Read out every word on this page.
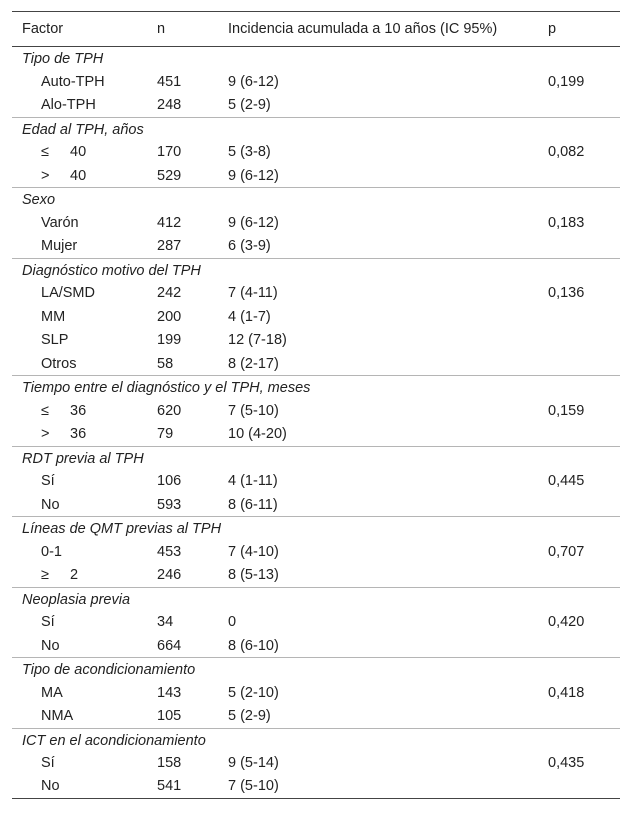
Factor	n	Incidencia acumulada a 10 años (IC 95%)	p
Tipo de TPH			
Auto-TPH	451	9 (6-12)	0,199
Alo-TPH	248	5 (2-9)	
Edad al TPH, años			
≤ 40	170	5 (3-8)	0,082
> 40	529	9 (6-12)	
Sexo			
Varón	412	9 (6-12)	0,183
Mujer	287	6 (3-9)	
Diagnóstico motivo del TPH			
LA/SMD	242	7 (4-11)	0,136
MM	200	4 (1-7)	
SLP	199	12 (7-18)	
Otros	58	8 (2-17)	
Tiempo entre el diagnóstico y el TPH, meses			
≤ 36	620	7 (5-10)	0,159
> 36	79	10 (4-20)	
RDT previa al TPH			
Sí	106	4 (1-11)	0,445
No	593	8 (6-11)	
Líneas de QMT previas al TPH			
0-1	453	7 (4-10)	0,707
≥ 2	246	8 (5-13)	
Neoplasia previa			
Sí	34	0	0,420
No	664	8 (6-10)	
Tipo de acondicionamiento			
MA	143	5 (2-10)	0,418
NMA	105	5 (2-9)	
ICT en el acondicionamiento			
Sí	158	9 (5-14)	0,435
No	541	7 (5-10)	
